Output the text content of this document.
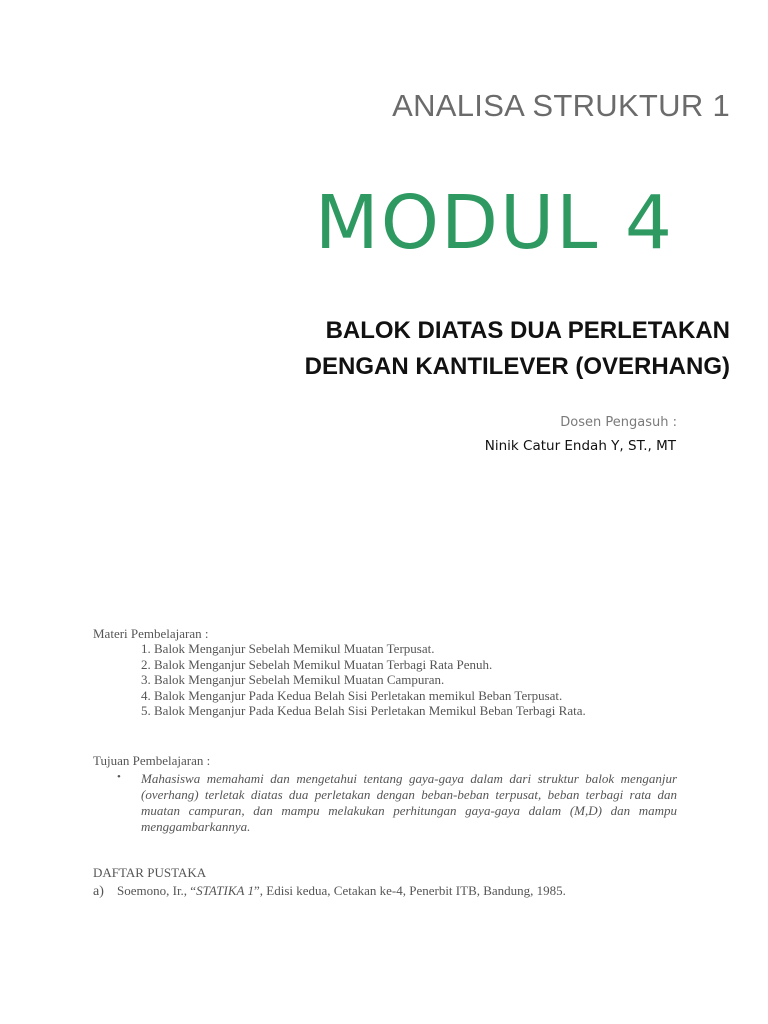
ANALISA STRUKTUR 1
MODUL 4
BALOK DIATAS DUA PERLETAKAN
DENGAN KANTILEVER (OVERHANG)
Dosen Pengasuh :
Ninik Catur Endah Y, ST., MT
Materi Pembelajaran :
1. Balok Menganjur Sebelah Memikul Muatan Terpusat.
2. Balok Menganjur Sebelah Memikul Muatan Terbagi Rata Penuh.
3. Balok Menganjur Sebelah Memikul Muatan Campuran.
4. Balok Menganjur Pada Kedua Belah Sisi Perletakan memikul Beban Terpusat.
5. Balok Menganjur Pada Kedua Belah Sisi Perletakan Memikul Beban Terbagi Rata.
Tujuan Pembelajaran :
• Mahasiswa memahami dan mengetahui tentang gaya-gaya dalam dari struktur balok menganjur (overhang) terletak diatas dua perletakan dengan beban-beban terpusat, beban terbagi rata dan muatan campuran, dan mampu melakukan perhitungan gaya-gaya dalam (M,D) dan mampu menggambarkannya.
DAFTAR PUSTAKA
a) Soemono, Ir., “STATIKA 1”, Edisi kedua, Cetakan ke-4, Penerbit ITB, Bandung, 1985.
